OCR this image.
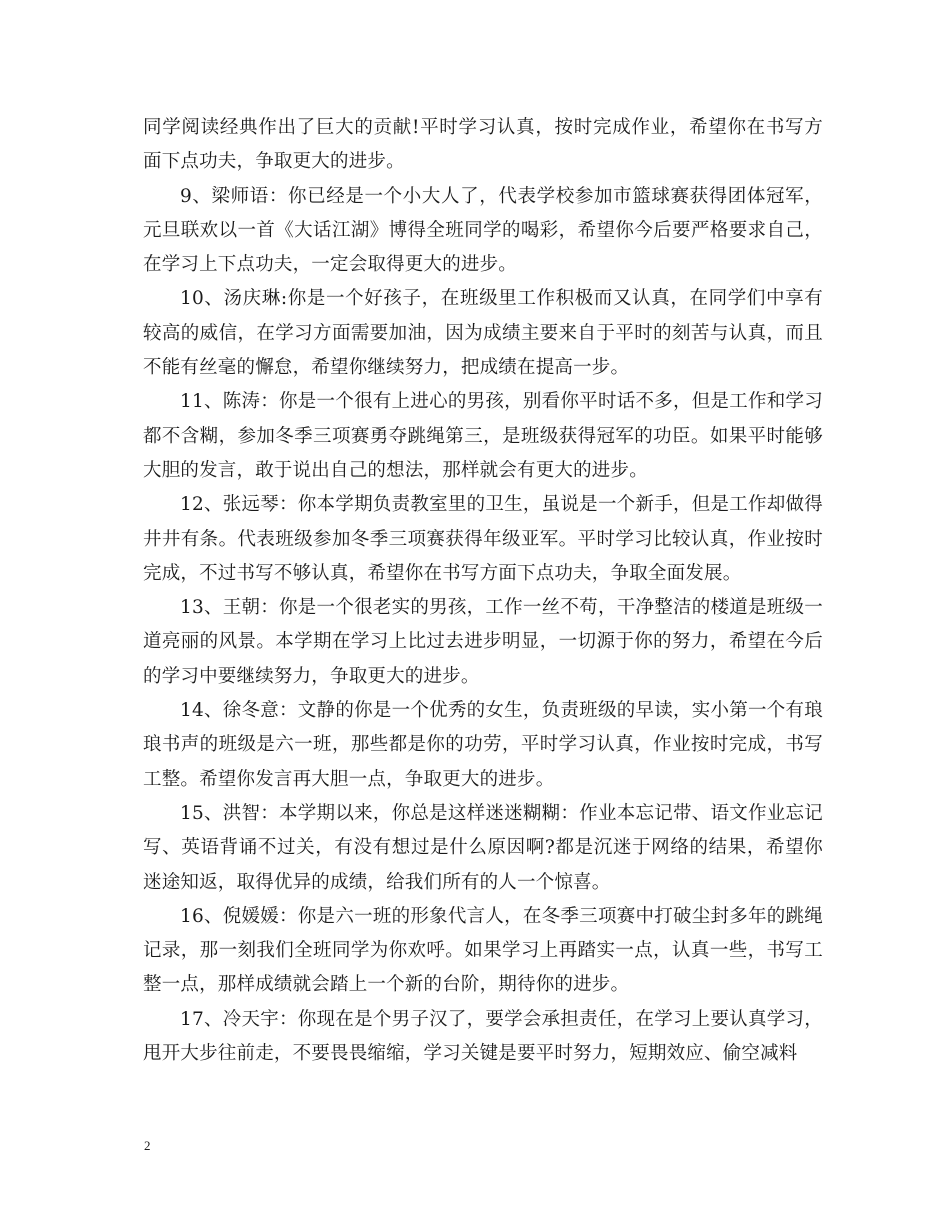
同学阅读经典作出了巨大的贡献!平时学习认真，按时完成作业，希望你在书写方面下点功夫，争取更大的进步。

9、梁师语：你已经是一个小大人了，代表学校参加市篮球赛获得团体冠军，元旦联欢以一首《大话江湖》博得全班同学的喝彩，希望你今后要严格要求自己，在学习上下点功夫，一定会取得更大的进步。

10、汤庆琳:你是一个好孩子，在班级里工作积极而又认真，在同学们中享有较高的威信，在学习方面需要加油，因为成绩主要来自于平时的刻苦与认真，而且不能有丝毫的懈怠，希望你继续努力，把成绩在提高一步。

11、陈涛：你是一个很有上进心的男孩，别看你平时话不多，但是工作和学习都不含糊，参加冬季三项赛勇夺跳绳第三，是班级获得冠军的功臣。如果平时能够大胆的发言，敢于说出自己的想法，那样就会有更大的进步。

12、张远琴：你本学期负责教室里的卫生，虽说是一个新手，但是工作却做得井井有条。代表班级参加冬季三项赛获得年级亚军。平时学习比较认真，作业按时完成，不过书写不够认真，希望你在书写方面下点功夫，争取全面发展。

13、王朝：你是一个很老实的男孩，工作一丝不苟，干净整洁的楼道是班级一道亮丽的风景。本学期在学习上比过去进步明显，一切源于你的努力，希望在今后的学习中要继续努力，争取更大的进步。

14、徐冬意：文静的你是一个优秀的女生，负责班级的早读，实小第一个有琅琅书声的班级是六一班，那些都是你的功劳，平时学习认真，作业按时完成，书写工整。希望你发言再大胆一点，争取更大的进步。

15、洪智：本学期以来，你总是这样迷迷糊糊：作业本忘记带、语文作业忘记写、英语背诵不过关，有没有想过是什么原因啊?都是沉迷于网络的结果，希望你迷途知返，取得优异的成绩，给我们所有的人一个惊喜。

16、倪媛媛：你是六一班的形象代言人，在冬季三项赛中打破尘封多年的跳绳记录，那一刻我们全班同学为你欢呼。如果学习上再踏实一点，认真一些，书写工整一点，那样成绩就会踏上一个新的台阶，期待你的进步。

17、冷天宇：你现在是个男子汉了，要学会承担责任，在学习上要认真学习，甩开大步往前走，不要畏畏缩缩，学习关键是要平时努力，短期效应、偷空减料

2
